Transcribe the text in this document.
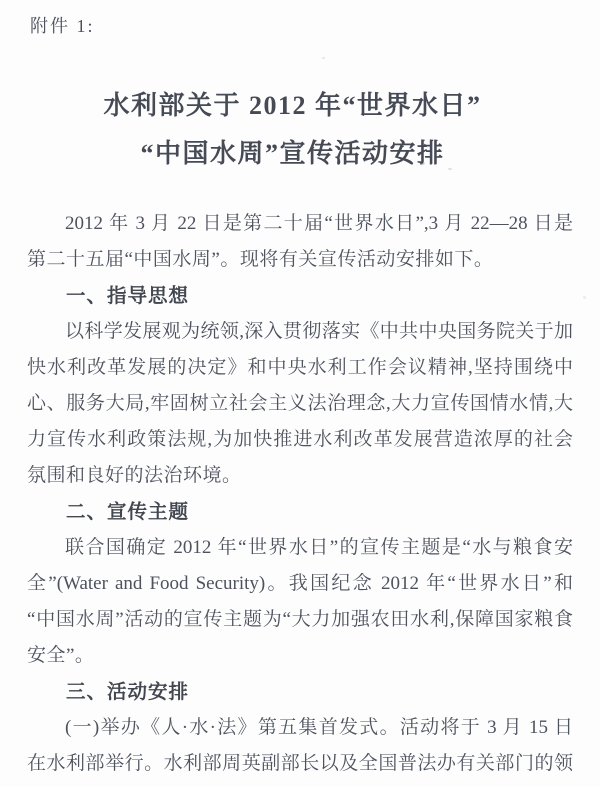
附件 1:
水利部关于 2012 年“世界水日”
“中国水周”宣传活动安排
2012 年 3 月 22 日是第二十届“世界水日”,3 月 22—28 日是
第二十五届“中国水周”。现将有关宣传活动安排如下。
一、指导思想
以科学发展观为统领,深入贯彻落实《中共中央国务院关于加
快水利改革发展的决定》和中央水利工作会议精神,坚持围绕中
心、服务大局,牢固树立社会主义法治理念,大力宣传国情水情,大
力宣传水利政策法规,为加快推进水利改革发展营造浓厚的社会
氛围和良好的法治环境。
二、宣传主题
联合国确定 2012 年“世界水日”的宣传主题是“水与粮食安
全”(Water and Food Security)。我国纪念 2012 年“世界水日”和
“中国水周”活动的宣传主题为“大力加强农田水利,保障国家粮食
安全”。
三、活动安排
(一)举办《人·水·法》第五集首发式。活动将于 3 月 15 日
在水利部举行。水利部周英副部长以及全国普法办有关部门的领
